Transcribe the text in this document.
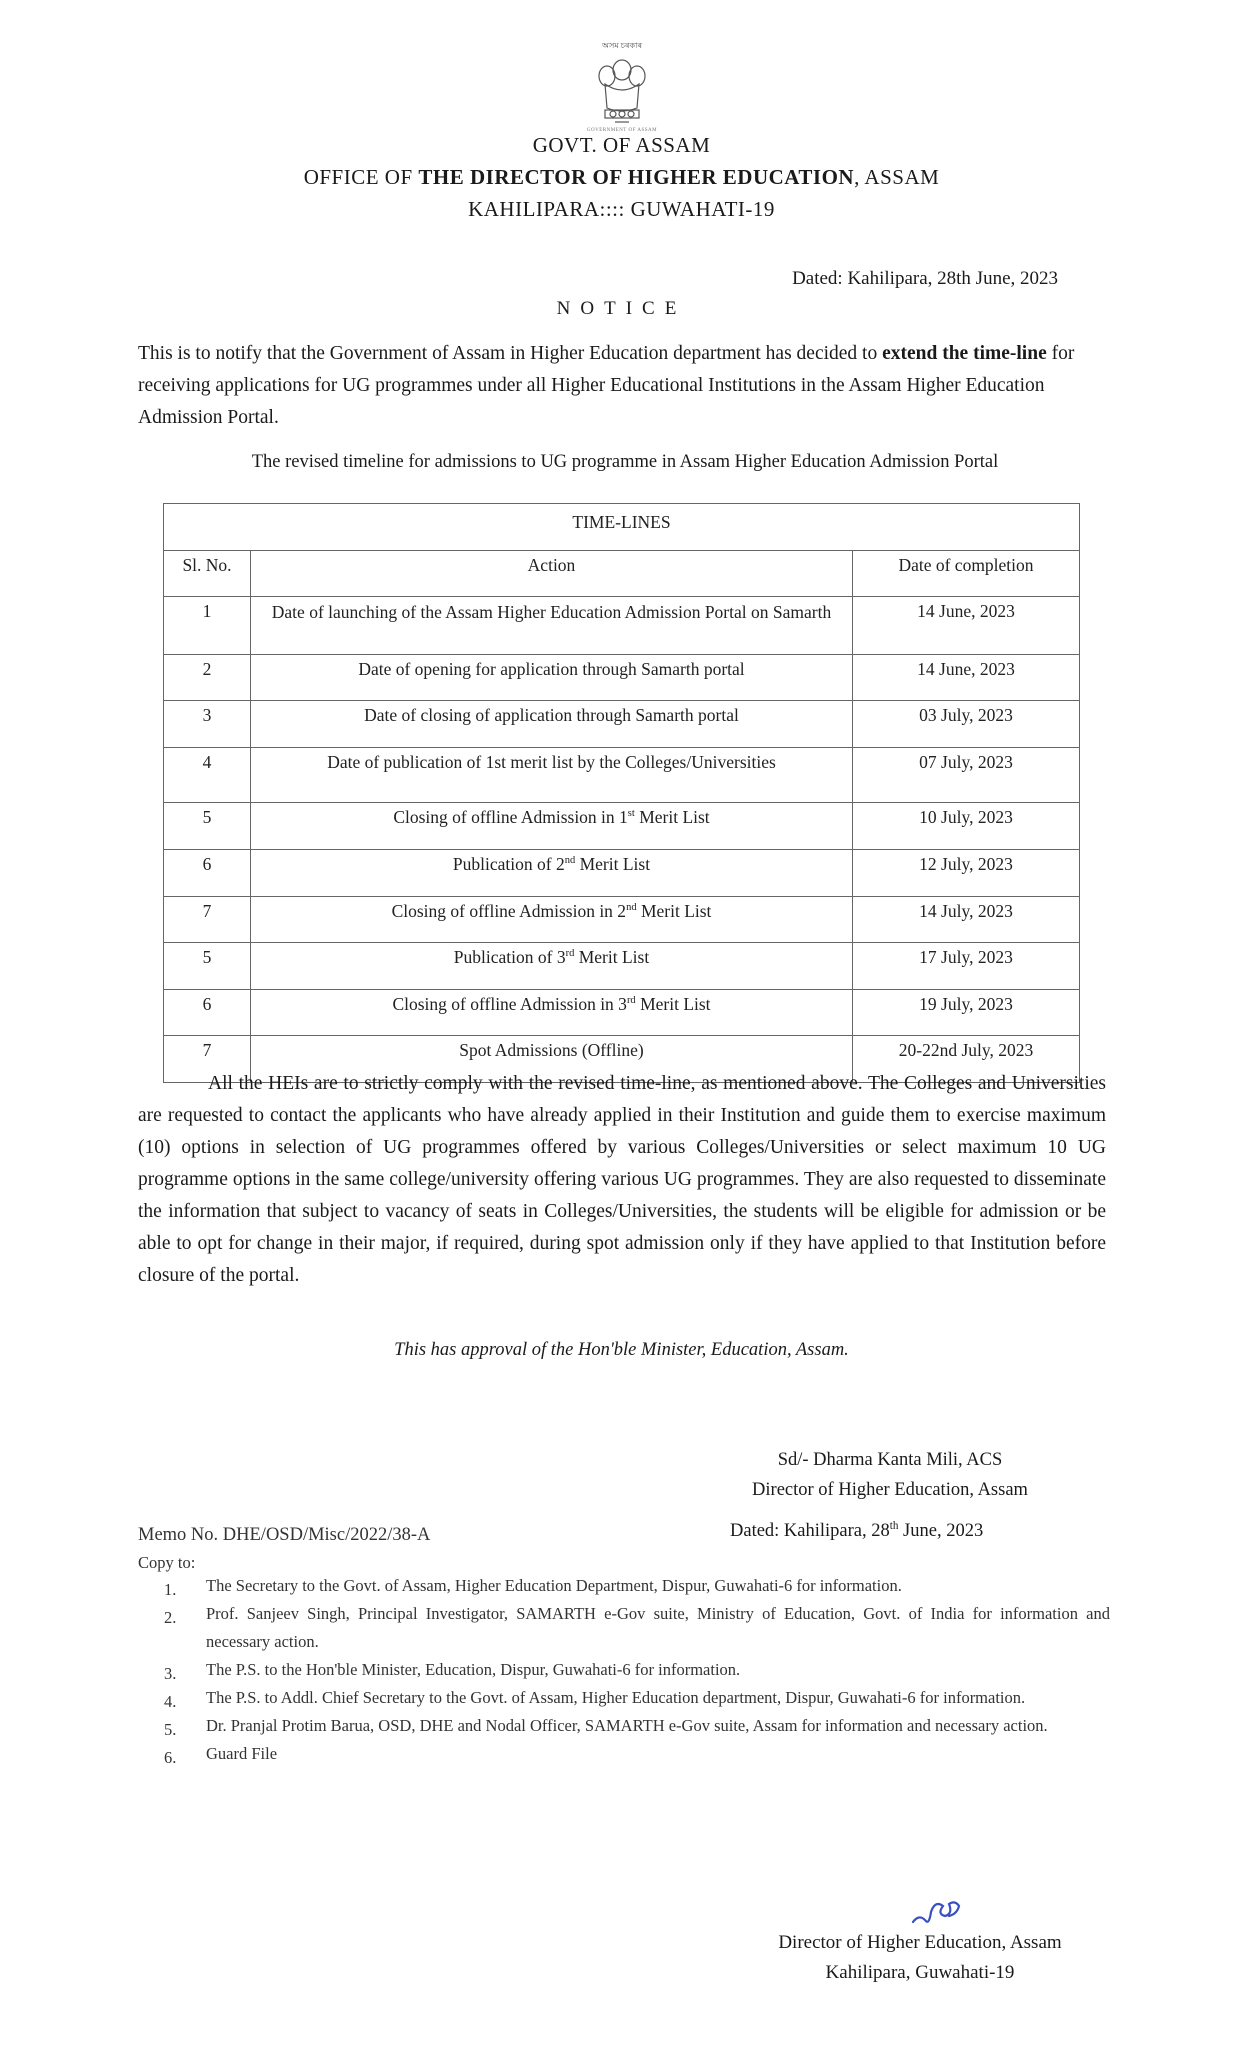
অসম চৰকাৰ
GOVERNMENT OF ASSAM
GOVT. OF ASSAM
OFFICE OF THE DIRECTOR OF HIGHER EDUCATION, ASSAM
KAHILIPARA:::: GUWAHATI-19
Dated: Kahilipara, 28th June, 2023
NOTICE
This is to notify that the Government of Assam in Higher Education department has decided to extend the time-line for receiving applications for UG programmes under all Higher Educational Institutions in the Assam Higher Education Admission Portal.
The revised timeline for admissions to UG programme in Assam Higher Education Admission Portal
TIME-LINES		
Sl. No.	Action	Date of completion
1	Date of launching of the Assam Higher Education Admission Portal on Samarth	14 June, 2023
2	Date of opening for application through Samarth portal	14 June, 2023
3	Date of closing of application through Samarth portal	03 July, 2023
4	Date of publication of 1st merit list by the Colleges/Universities	07 July, 2023
5	Closing of offline Admission in 1st Merit List	10 July, 2023
6	Publication of 2nd Merit List	12 July, 2023
7	Closing of offline Admission in 2nd Merit List	14 July, 2023
5	Publication of 3rd Merit List	17 July, 2023
6	Closing of offline Admission in 3rd Merit List	19 July, 2023
7	Spot Admissions (Offline)	20-22nd July, 2023
All the HEIs are to strictly comply with the revised time-line, as mentioned above. The Colleges and Universities are requested to contact the applicants who have already applied in their Institution and guide them to exercise maximum (10) options in selection of UG programmes offered by various Colleges/Universities or select maximum 10 UG programme options in the same college/university offering various UG programmes. They are also requested to disseminate the information that subject to vacancy of seats in Colleges/Universities, the students will be eligible for admission or be able to opt for change in their major, if required, during spot admission only if they have applied to that Institution before closure of the portal.
This has approval of the Hon'ble Minister, Education, Assam.
Sd/- Dharma Kanta Mili, ACS
Director of Higher Education, Assam
Memo No. DHE/OSD/Misc/2022/38-A	Dated: Kahilipara, 28th June, 2023
Copy to:
1. The Secretary to the Govt. of Assam, Higher Education Department, Dispur, Guwahati-6 for information.
2. Prof. Sanjeev Singh, Principal Investigator, SAMARTH e-Gov suite, Ministry of Education, Govt. of India for information and necessary action.
3. The P.S. to the Hon'ble Minister, Education, Dispur, Guwahati-6 for information.
4. The P.S. to Addl. Chief Secretary to the Govt. of Assam, Higher Education department, Dispur, Guwahati-6 for information.
5. Dr. Pranjal Protim Barua, OSD, DHE and Nodal Officer, SAMARTH e-Gov suite, Assam for information and necessary action.
6. Guard File
Director of Higher Education, Assam
Kahilipara, Guwahati-19
